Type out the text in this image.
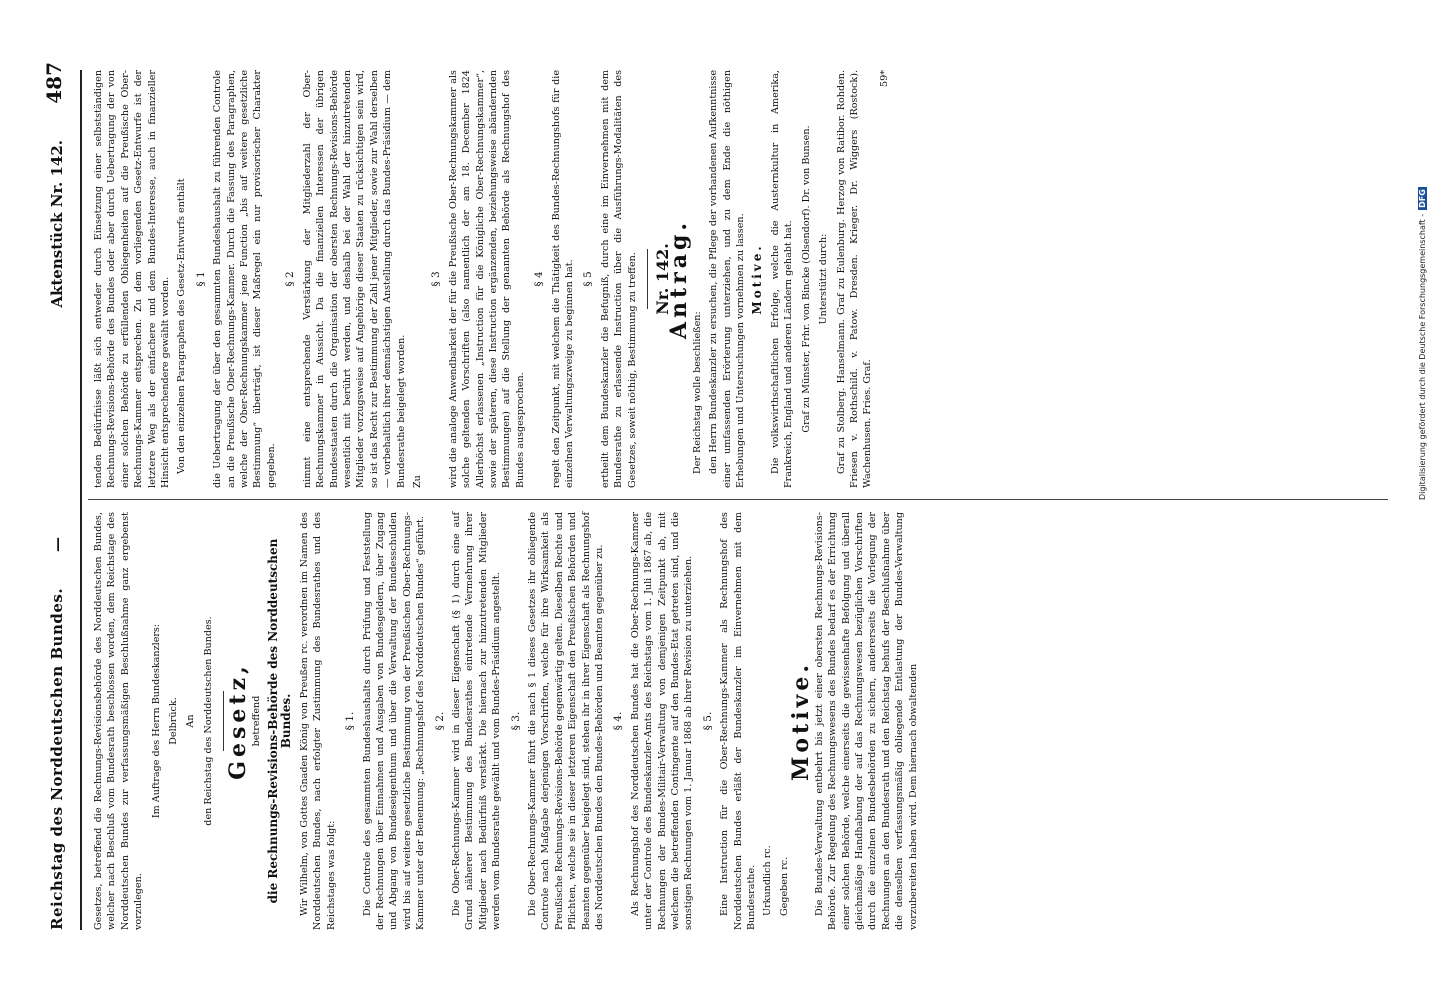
Reichstag des Norddeutschen Bundes.
—
Aktenstück Nr. 142.
487

Gesetzes, betreffend die Rechnungs-Revisionsbehörde des Norddeutschen Bundes, welcher nach Beschluß vom Bundesrath beschlossen worden, dem Reichstage des Norddeutschen Bundes zur verfassungsmäßigen Beschlußnahme ganz ergebenst vorzulegen.

Im Auftrage des Herrn Bundeskanzlers: Delbrück. An den Reichstag des Norddeutschen Bundes. Gesetz, betreffend die Rechnungs-Revisions-Behörde des Norddeutschen Bundes. Wir Wilhelm, von Gottes Gnaden König von Preußen rc. verordnen im Namen des Norddeutschen Bundes, nach erfolgter Zustimmung des Bundesrathes und des Reichstages was folgt:

§ 1. Die Controle des gesammten Bundeshaushalts durch Prüfung und Feststellung der Rechnungen über Einnahmen und Ausgaben von Bundesgeldern, über Zugang und Abgang von Bundeseigenthum und über die Verwaltung der Bundesschulden wird bis auf weitere gesetzliche Bestimmung von der Preußischen Ober-Rechnungs-Kammer unter der Benennung: „Rechnungshof des Norddeutschen Bundes“ geführt. § 2. Die Ober-Rechnungs-Kammer wird in dieser Eigenschaft (§ 1) durch eine auf Grund näherer Bestimmung des Bundesrathes eintretende Vermehrung ihrer Mitglieder nach Bedürfniß verstärkt. Die hiernach zur hinzutretenden Mitglieder werden vom Bundesrathe gewählt und vom Bundes-Präsidium angestellt. § 3. Die Ober-Rechnungs-Kammer führt die nach § 1 dieses Gesetzes ihr obliegende Controle nach Maßgabe derjenigen Vorschriften, welche für ihre Wirksamkeit als Preußische Rechnungs-Revisions-Behörde gegenwärtig gelten. Dieselben Rechte und Pflichten, welche sie in dieser letzteren Eigenschaft den Preußischen Behörden und Beamten gegenüber beigelegt sind, stehen ihr in ihrer Eigenschaft als Rechnungshof des Norddeutschen Bundes den Bundes-Behörden und Beamten gegenüber zu. § 4. Als Rechnungshof des Norddeutschen Bundes hat die Ober-Rechnungs-Kammer unter der Controle des Bundeskanzler-Amts des Reichstags vom 1. Juli 1867 ab, die Rechnungen der Bundes-Militair-Verwaltung von demjenigen Zeitpunkt ab, mit welchem die betreffenden Contingente auf den Bundes-Etat getreten sind, und die sonstigen Rechnungen vom 1. Januar 1868 ab ihrer Revision zu unterziehen. § 5. Eine Instruction für die Ober-Rechnungs-Kammer als Rechnungshof des Norddeutschen Bundes erläßt der Bundeskanzler im Einvernehmen mit dem Bundesrathe. Urkundlich rc. Gegeben rc.

Motive. Die Bundes-Verwaltung entbehrt bis jetzt einer obersten Rechnungs-Revisions-Behörde. Zur Regelung des Rechnungswesens des Bundes bedarf es der Errichtung einer solchen Behörde, welche einerseits die gewissenhafte Befolgung und überall gleichmäßige Handhabung der auf das Rechnungswesen bezüglichen Vorschriften durch die einzelnen Bundesbehörden zu sichern, andererseits die Vorlegung der Rechnungen an den Bundesrath und den Reichstag behufs der Beschlußnahme über die denselben verfassungsmäßig obliegende Entlastung der Bundes-Verwaltung vorzubereiten haben wird. Dem hiernach obwaltenden

tenden Bedürfnisse läßt sich entweder durch Einsetzung einer selbstständigen Rechnungs-Revisions-Behörde des Bundes oder aber durch Uebertragung der von einer solchen Behörde zu erfüllenden Obliegenheiten auf die Preußische Ober-Rechnungs-Kammer entsprechen. Zu dem vorliegenden Gesetz-Entwurfe ist der letztere Weg als der einfachere und dem Bundes-Interesse, auch in finanzieller Hinsicht entsprechendere gewählt worden. Von den einzelnen Paragraphen des Gesetz-Entwurfs enthält § 1 die Uebertragung der über den gesammten Bundeshaushalt zu führenden Controle an die Preußische Ober-Rechnungs-Kammer. Durch die Fassung des Paragraphen, welche der Ober-Rechnungskammer jene Function „bis auf weitere gesetzliche Bestimmung“ überträgt, ist dieser Maßregel ein nur provisorischer Charakter gegeben.

§ 2 nimmt eine entsprechende Verstärkung der Mitgliederzahl der Ober-Rechnungskammer in Aussicht. Da die finanziellen Interessen der übrigen Bundesstaaten durch die Organisation der obersten Rechnungs-Revisions-Behörde wesentlich mit berührt werden, und deshalb bei der Wahl der hinzutretenden Mitglieder vorzugsweise auf Angehörige dieser Staaten zu rücksichtigen sein wird, so ist das Recht zur Bestimmung der Zahl jener Mitglieder, sowie zur Wahl derselben — vorbehaltlich ihrer demnächstigen Anstellung durch das Bundes-Präsidium — dem Bundesrathe beigelegt worden. Zu

§ 3 wird die analoge Anwendbarkeit der für die Preußische Ober-Rechnungskammer als solche geltenden Vorschriften (also namentlich der am 18. December 1824 Allerhöchst erlassenen „Instruction für die Königliche Ober-Rechnungskammer“, sowie der späteren, diese Instruction ergänzenden, beziehungsweise abändernden Bestimmungen) auf die Stellung der genannten Behörde als Rechnungshof des Bundes ausgesprochen.

§ 4 regelt den Zeitpunkt, mit welchem die Thätigkeit des Bundes-Rechnungshofs für die einzelnen Verwaltungszweige zu beginnen hat. § 5 ertheilt dem Bundeskanzler die Befugniß, durch eine im Einvernehmen mit dem Bundesrathe zu erlassende Instruction über die Ausführungs-Modalitäten des Gesetzes, soweit nöthig, Bestimmung zu treffen. Nr. 142.

Antrag.

Der Reichstag wolle beschließen: den Herrn Bundeskanzler zu ersuchen, die Pflege der vorhandenen Aufkenntnisse einer umfassenden Erörterung unterziehen, und zu dem Ende die nöthigen Erhebungen und Untersuchungen vornehmen zu lassen. Motive. Die volkswirthschaftlichen Erfolge, welche die Austernkultur in Amerika, Frankreich, England und anderen Ländern gehabt hat. Graf zu Münster, Frhr. von Bincke (Olsendorf). Dr. von Bunsen. Unterstützt durch: Graf zu Stolberg. Hanselmann. Graf zu Eulenburg. Herzog von Ratibor. Rohden. Friesen v. Rothschild. v. Patow. Dresden. Krieger. Dr. Wiggers (Rostock). Wachenhusen. Fries. Graf.

59*

Digitalisierung gefördert durch die Deutsche Forschungsgemeinschaft -DFG
